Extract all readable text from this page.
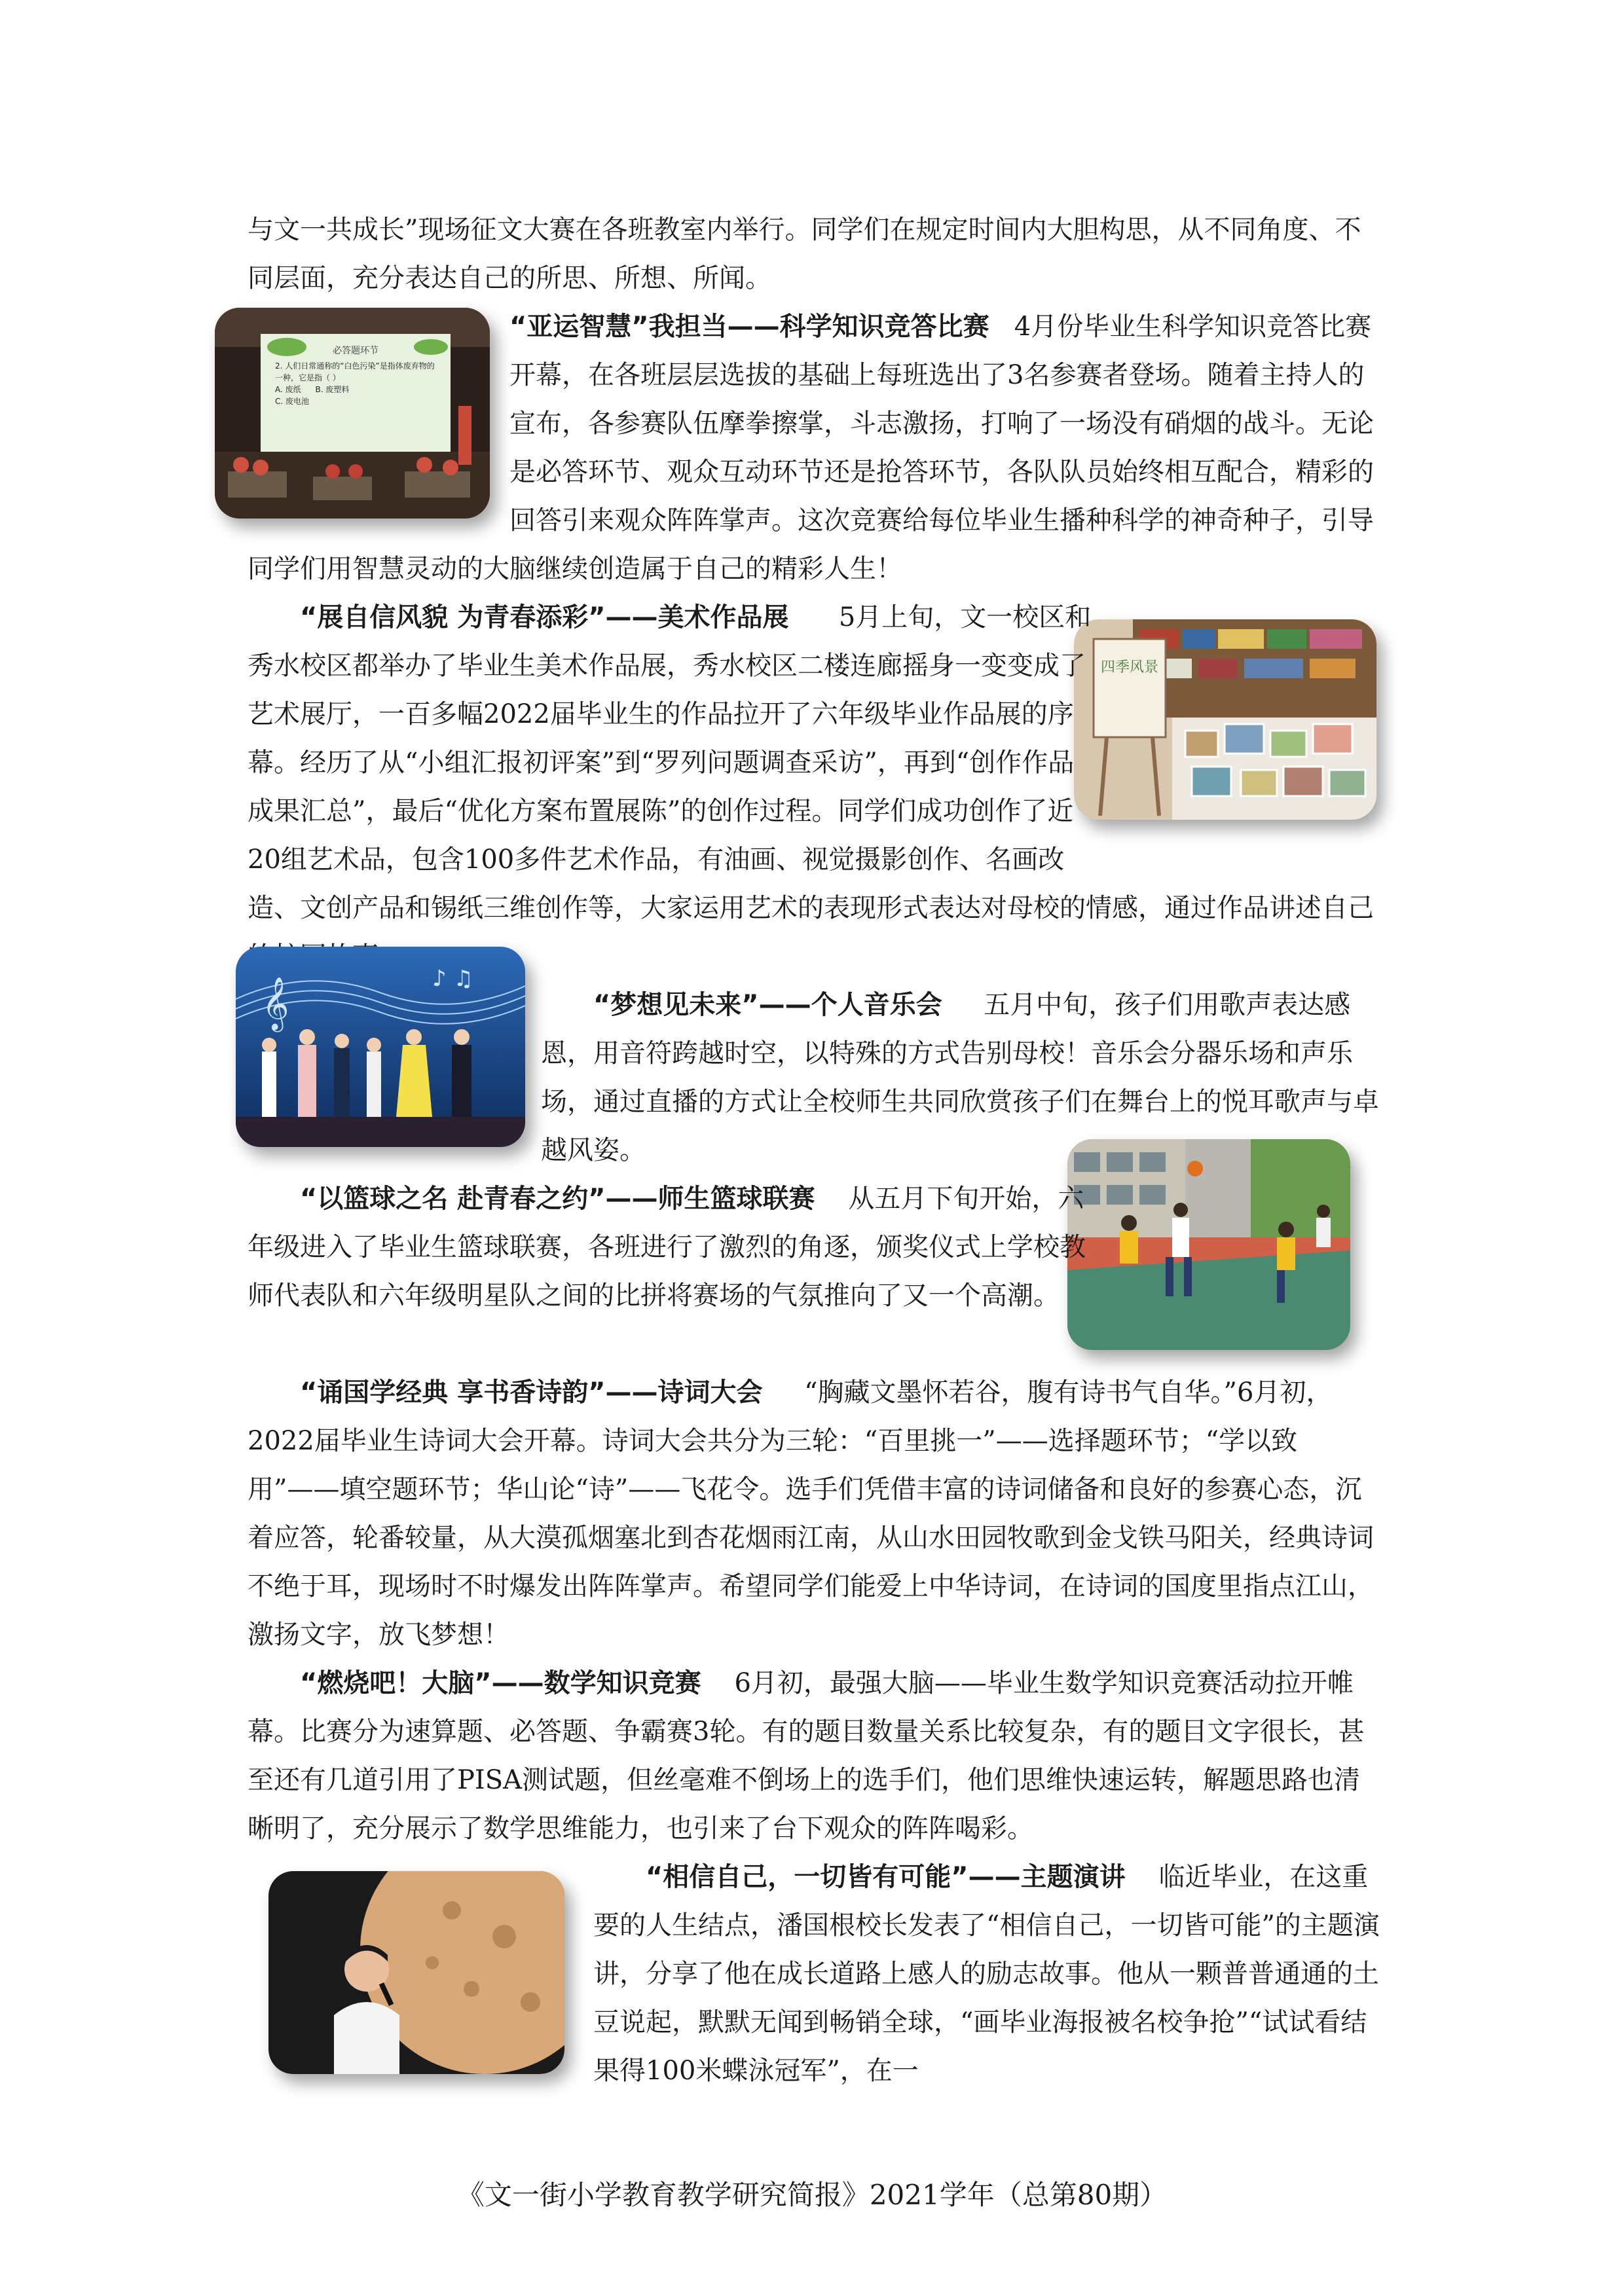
与文一共成长”现场征文大赛在各班教室内举行。同学们在规定时间内大胆构思，从不同角度、不同层面，充分表达自己的所思、所想、所闻。

必答题环节
2. 人们日常通称的“白色污染”是指体废弃物的一种，它是指（ ）
A. 废纸 B. 废塑料
C. 废电池

“亚运智慧”我担当——科学知识竞答比赛 4月份毕业生科学知识竞答比赛开幕，在各班层层选拔的基础上每班选出了3名参赛者登场。随着主持人的宣布，各参赛队伍摩拳擦掌，斗志激扬，打响了一场没有硝烟的战斗。无论是必答环节、观众互动环节还是抢答环节，各队队员始终相互配合，精彩的回答引来观众阵阵掌声。这次竞赛给每位毕业生播种科学的神奇种子，引导同学们用智慧灵动的大脑继续创造属于自己的精彩人生！

四季风景

“展自信风貌 为青春添彩”——美术作品展 5月上旬，文一校区和秀水校区都举办了毕业生美术作品展，秀水校区二楼连廊摇身一变变成了艺术展厅，一百多幅2022届毕业生的作品拉开了六年级毕业作品展的序幕。经历了从“小组汇报初评案”到“罗列问题调查采访”，再到“创作作品成果汇总”，最后“优化方案布置展陈”的创作过程。同学们成功创作了近20组艺术品，包含100多件艺术作品，有油画、视觉摄影创作、名画改造、文创产品和锡纸三维创作等，大家运用艺术的表现形式表达对母校的情感，通过作品讲述自己

𝄞	♪ ♫

“梦想见未来”——个人音乐会 五月中旬，孩子们用歌声表达感恩，用音符跨越时空，以特殊的方式告别母校！音乐会分器乐场和声乐场，通过直播的方式让全校师生共同欣赏孩子们在舞台上的悦耳歌声与卓越风姿。

“以篮球之名 赴青春之约”——师生篮球联赛 从五月下旬开始，六年级进入了毕业生篮球联赛，各班进行了激烈的角逐，颁奖仪式上学校教师代表队和六年级明星队之间的比拼将赛场的气氛推向了又一个高潮。

“诵国学经典 享书香诗韵”——诗词大会 “胸藏文墨怀若谷，腹有诗书气自华。”6月初，2022届毕业生诗词大会开幕。诗词大会共分为三轮：“百里挑一”——选择题环节；“学以致用”——填空题环节；华山论“诗”——飞花令。选手们凭借丰富的诗词储备和良好的参赛心态，沉着应答，轮番较量，从大漠孤烟塞北到杏花烟雨江南，从山水田园牧歌到金戈铁马阳关，经典诗词不绝于耳，现场时不时爆发出阵阵掌声。希望同学们能爱上中华诗词，在诗词的国度里指点江山，激扬文字，放飞梦想！

“燃烧吧！大脑”——数学知识竞赛 6月初，最强大脑——毕业生数学知识竞赛活动拉开帷幕。比赛分为速算题、必答题、争霸赛3轮。有的题目数量关系比较复杂，有的题目文字很长，甚至还有几道引用了PISA测试题，但丝毫难不倒场上的选手们，他们思维快速运转，解题思路也清晰明了，充分展示了数学思维能力，也引来了台下观众的阵阵喝彩。

“相信自己，一切皆有可能”——主题演讲 临近毕业，在这重要的人生结点，潘国根校长发表了“相信自己，一切皆可能”的主题演讲，分享了他在成长道路上感人的励志故事。他从一颗普普通通的土豆说起，默默无闻到畅销全球，“画毕业海报被名校争抢”“试试看结果得100米蝶泳冠军”，在一

《文一街小学教育教学研究简报》2021学年（总第80期）
